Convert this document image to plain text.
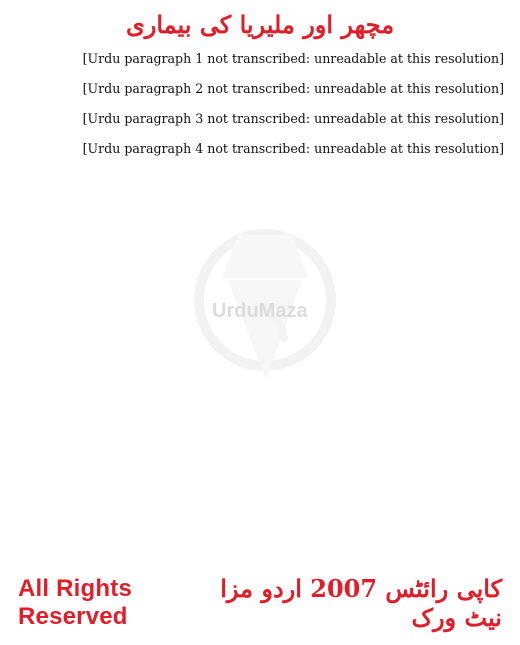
مچھر اور ملیریا کی بیماری
UrduMaza

[Urdu paragraph 1 not transcribed: unreadable at this resolution]

[Urdu paragraph 2 not transcribed: unreadable at this resolution]

[Urdu paragraph 3 not transcribed: unreadable at this resolution]

[Urdu paragraph 4 not transcribed: unreadable at this resolution]

All Rights Reserved
کاپی رائٹس 2007 اردو مزا نیٹ ورک
